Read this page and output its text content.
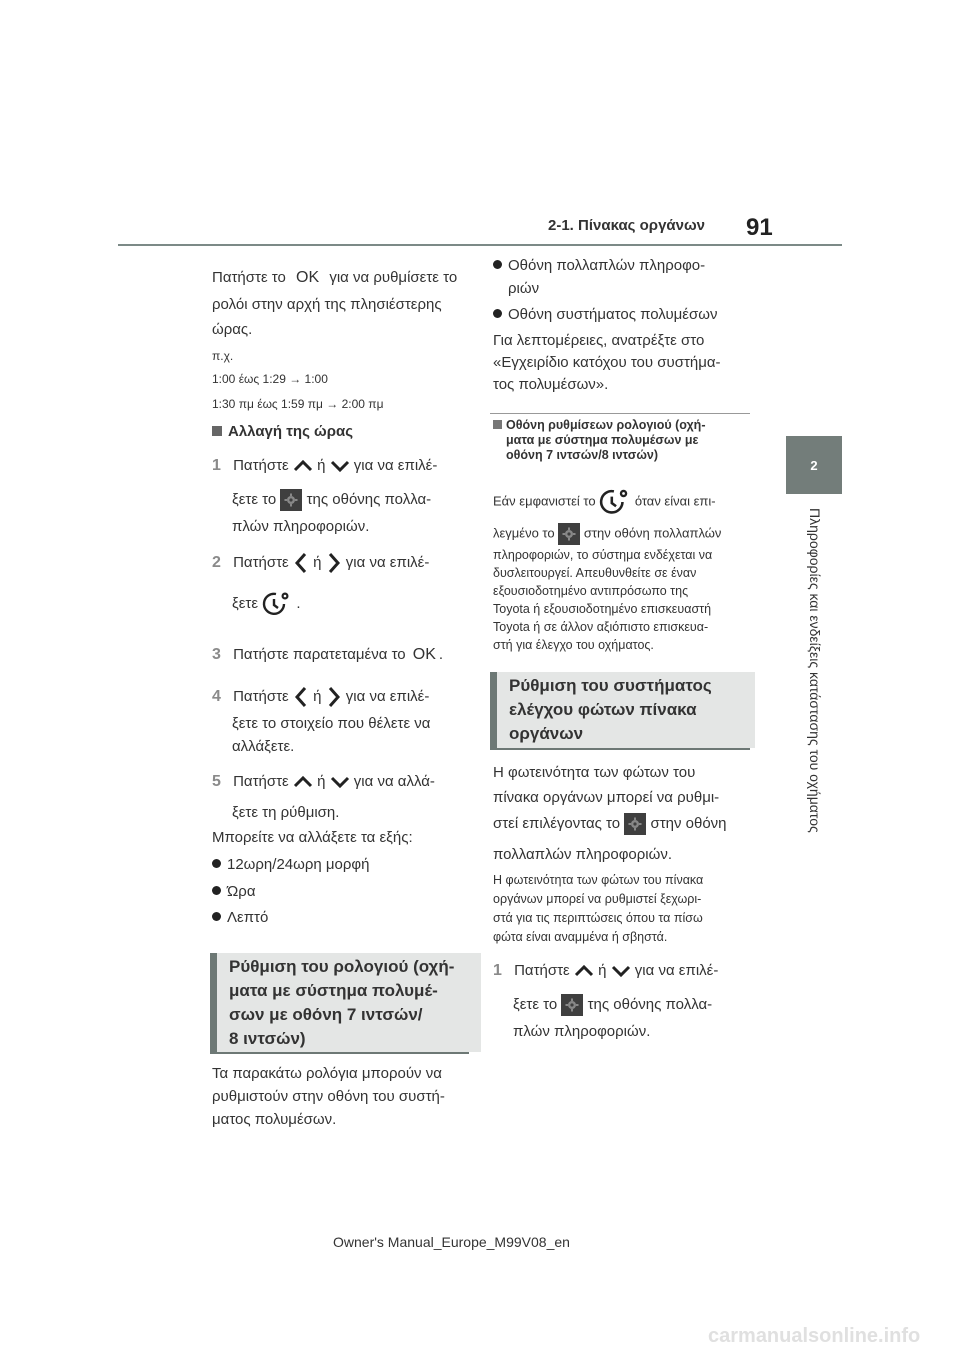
2-1. Πίνακας οργάνων 91
2
Πληροφορίες και ενδείξεις κατάστασης του οχήματος
Πατήστε το OK για να ρυθμίσετε το
ρολόι στην αρχή της πλησιέστερης
ώρας.
π.χ.
1:00 έως 1:29 → 1:00
1:30 πμ έως 1:59 πμ → 2:00 πμ
Αλλαγή της ώρας
1 Πατήστε ή για να επιλέ-
ξετε το της οθόνης πολλα-
πλών πληροφοριών.
2 Πατήστε ή για να επιλέ-
ξετε	.
3 Πατήστε παρατεταμένα το OK .
4 Πατήστε ή για να επιλέ-
ξετε το στοιχείο που θέλετε να
αλλάξετε.
5 Πατήστε ή για να αλλά-
ξετε τη ρύθμιση.
Μπορείτε να αλλάξετε τα εξής:
12ωρη/24ωρη μορφή
Ώρα
Λεπτό
Ρύθμιση του ρολογιού (οχή-
ματα με σύστημα πολυμέ-
σων με οθόνη 7 ιντσών/
8 ιντσών)
Τα παρακάτω ρολόγια μπορούν να
ρυθμιστούν στην οθόνη του συστή-
ματος πολυμέσων.
Οθόνη πολλαπλών πληροφο-
ριών
Οθόνη συστήματος πολυμέσων
Για λεπτομέρειες, ανατρέξτε στο
«Εγχειρίδιο κατόχου του συστήμα-
τος πολυμέσων».
Οθόνη ρυθμίσεων ρολογιού (οχή-
ματα με σύστημα πολυμέσων με
οθόνη 7 ιντσών/8 ιντσών)
Εάν εμφανιστεί το	όταν είναι επι-
λεγμένο το στην οθόνη πολλαπλών
πληροφοριών, το σύστημα ενδέχεται να
δυσλειτουργεί. Απευθυνθείτε σε έναν
εξουσιοδοτημένο αντιπρόσωπο της
Toyota ή εξουσιοδοτημένο επισκευαστή
Toyota ή σε άλλον αξιόπιστο επισκευα-
στή για έλεγχο του οχήματος.
Ρύθμιση του συστήματος
ελέγχου φώτων πίνακα
οργάνων
Η φωτεινότητα των φώτων του
πίνακα οργάνων μπορεί να ρυθμι-
στεί επιλέγοντας το στην οθόνη
πολλαπλών πληροφοριών.
Η φωτεινότητα των φώτων του πίνακα
οργάνων μπορεί να ρυθμιστεί ξεχωρι-
στά για τις περιπτώσεις όπου τα πίσω
φώτα είναι αναμμένα ή σβηστά.
1 Πατήστε ή για να επιλέ-
ξετε το της οθόνης πολλα-
πλών πληροφοριών.
Owner's Manual_Europe_M99V08_en
carmanualsonline.info
